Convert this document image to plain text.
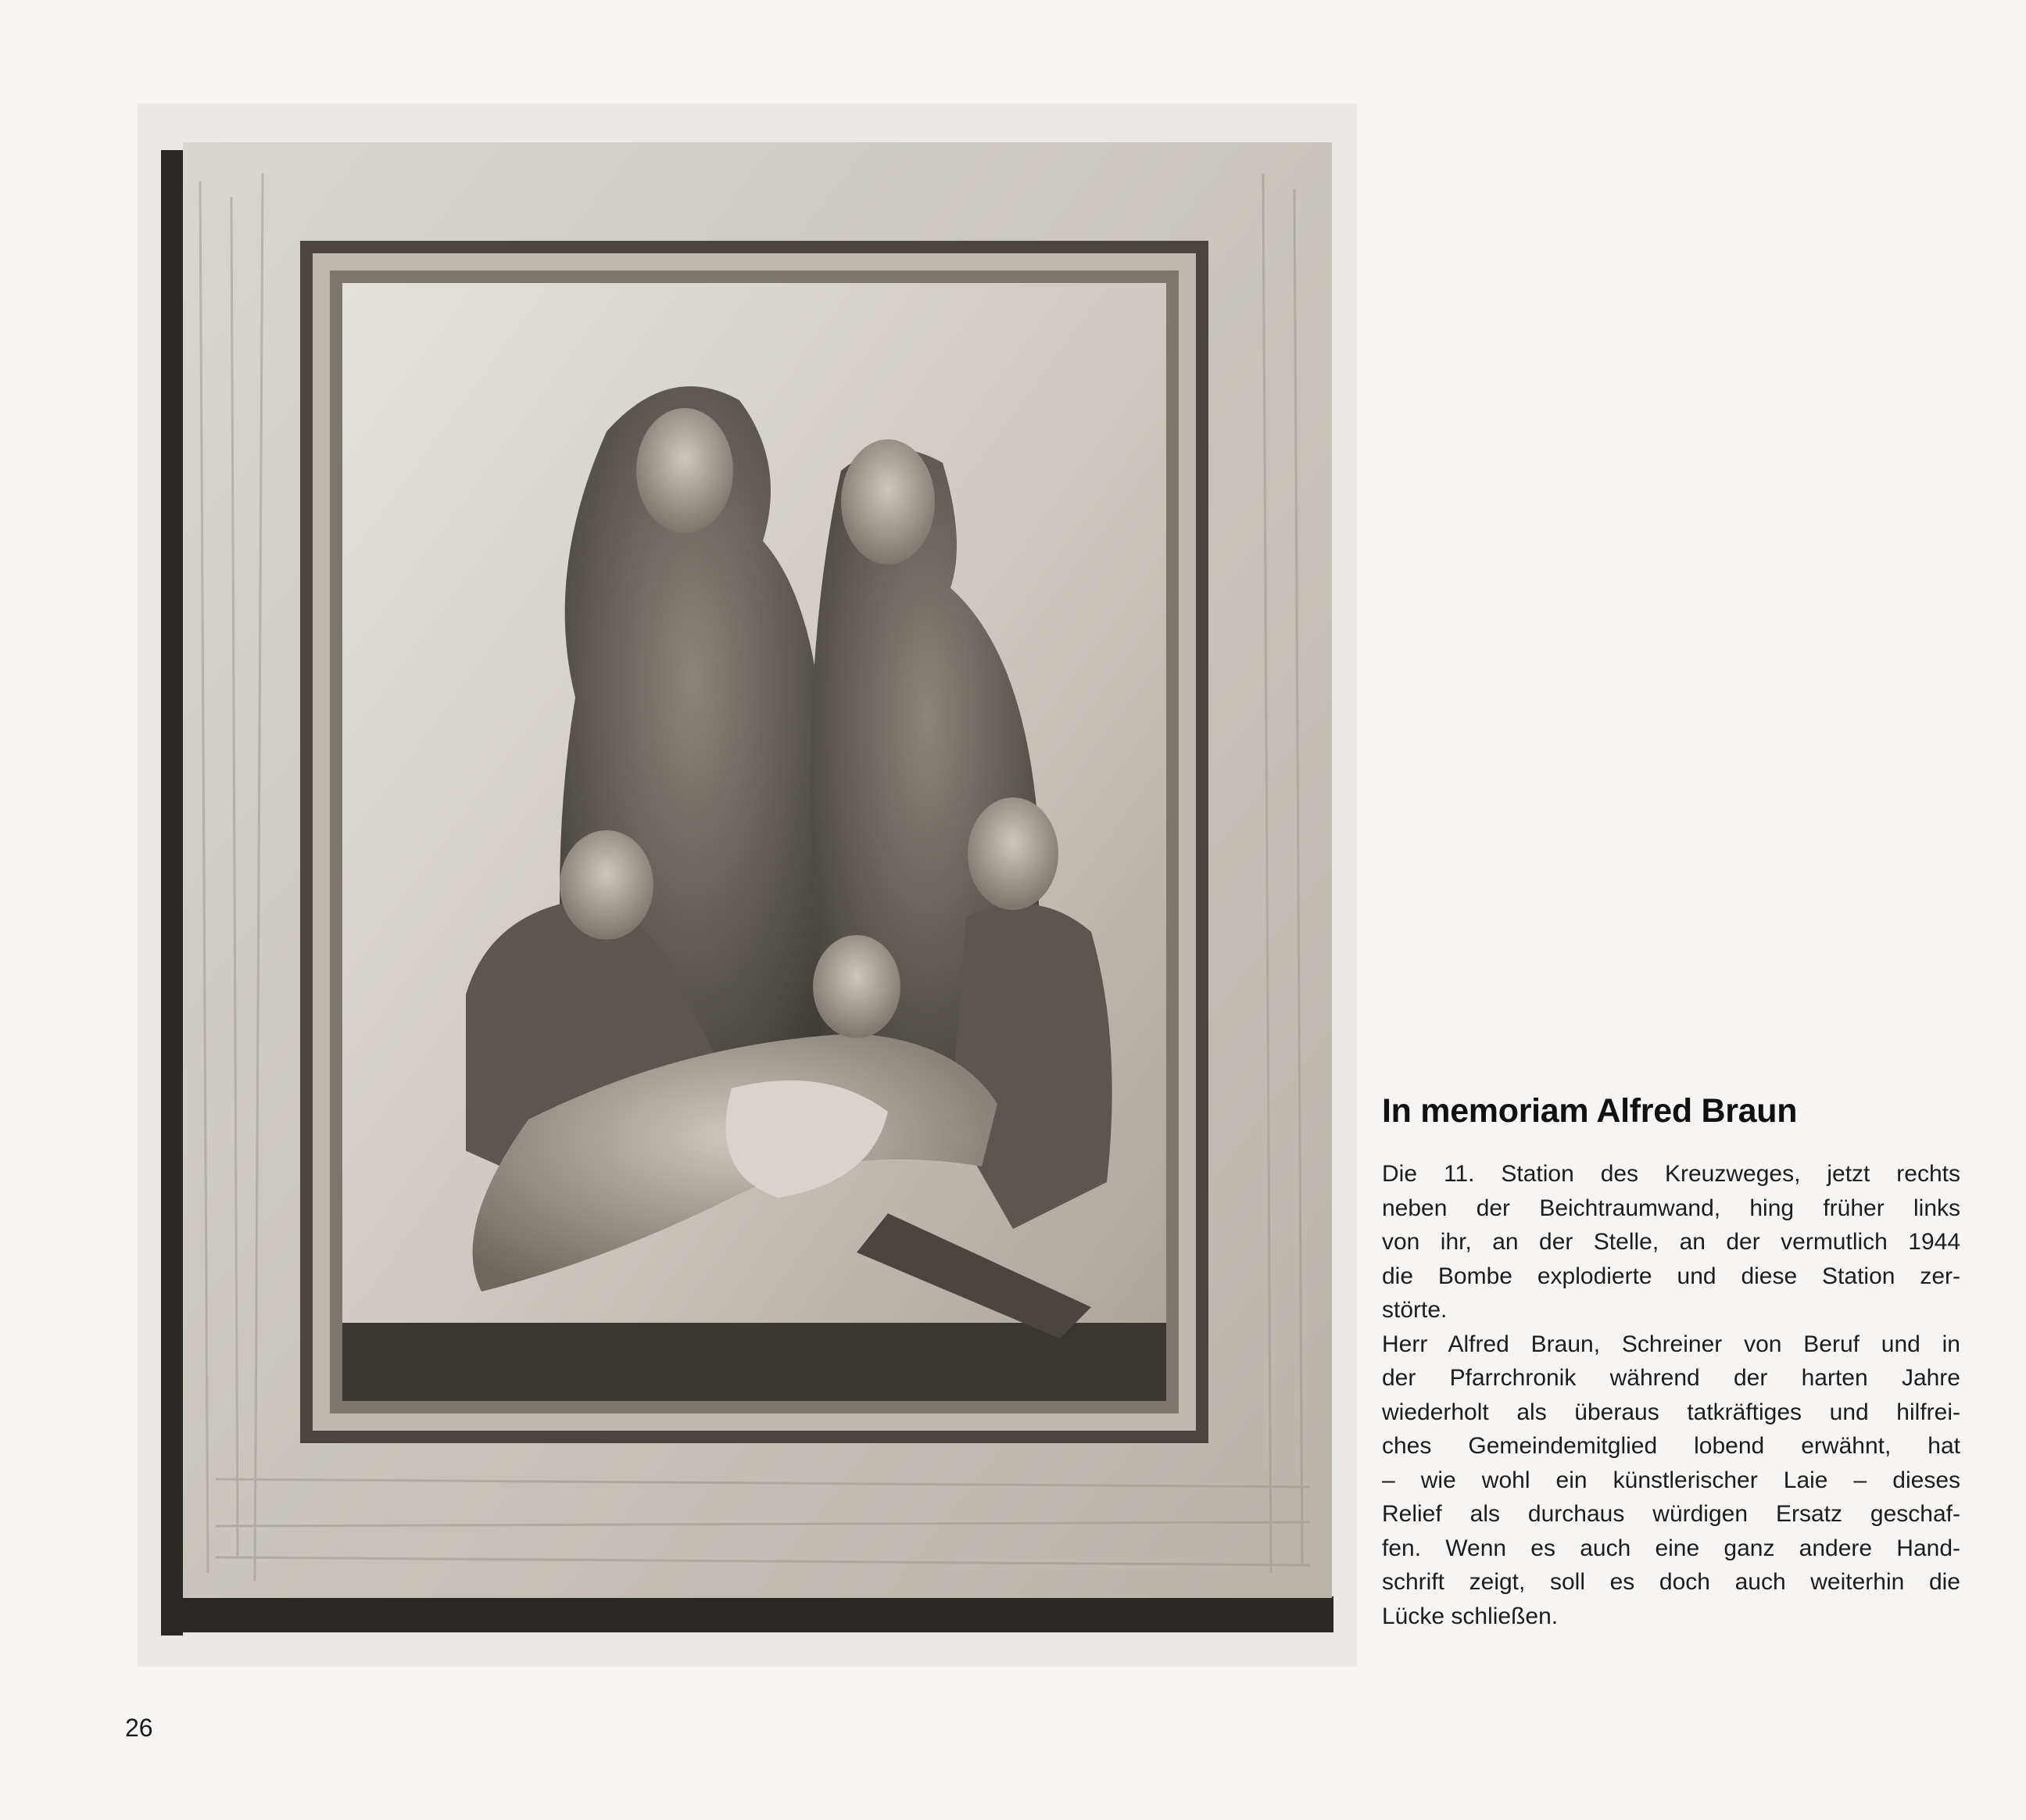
In memoriam Alfred Braun
Die 11. Station des Kreuzweges, jetzt rechts
neben der Beichtraumwand, hing früher links
von ihr, an der Stelle, an der vermutlich 1944
die Bombe explodierte und diese Station zer-
störte.
Herr Alfred Braun, Schreiner von Beruf und in
der Pfarrchronik während der harten Jahre
wiederholt als überaus tatkräftiges und hilfrei-
ches Gemeindemitglied lobend erwähnt, hat
– wie wohl ein künstlerischer Laie – dieses
Relief als durchaus würdigen Ersatz geschaf-
fen. Wenn es auch eine ganz andere Hand-
schrift zeigt, soll es doch auch weiterhin die
Lücke schließen.
26
